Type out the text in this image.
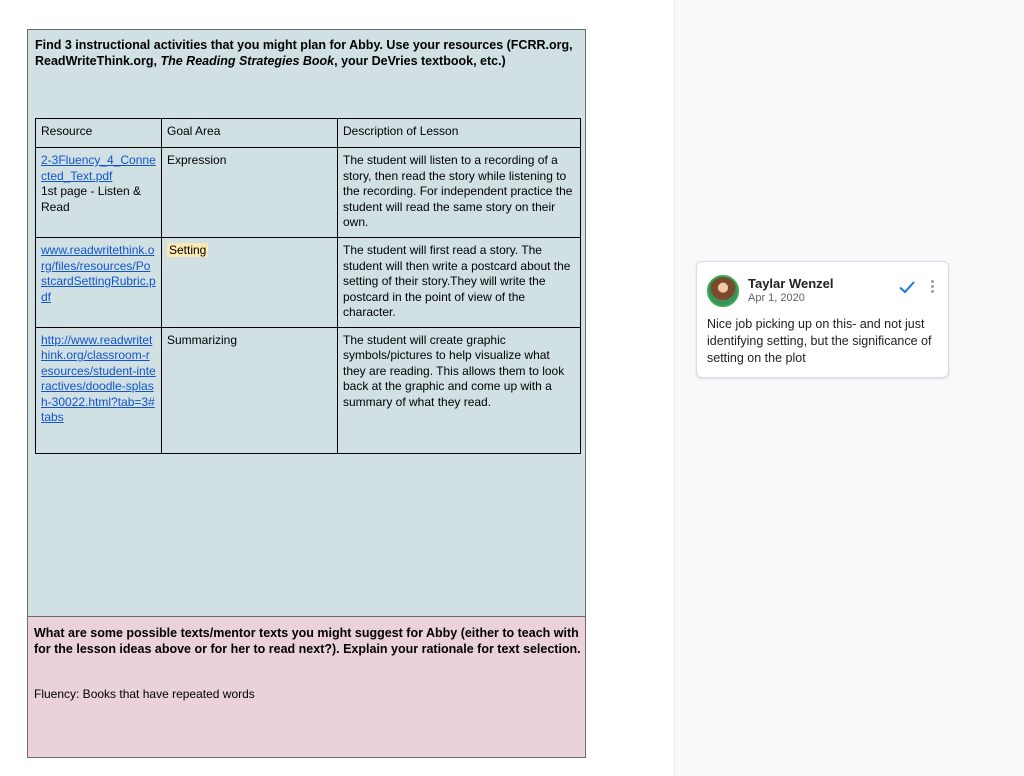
Find 3 instructional activities that you might plan for Abby. Use your resources (FCRR.org, ReadWriteThink.org, The Reading Strategies Book, your DeVries textbook, etc.)
Resource	Goal Area	Description of Lesson
2-3Fluency_4_Connected_Text.pdf
1st page - Listen & Read	Expression	The student will listen to a recording of a story, then read the story while listening to the recording. For independent practice the student will read the same story on their own.
www.readwritethink.org/files/resources/PostcardSettingRubric.pdf	Setting	The student will first read a story. The student will then write a postcard about the setting of their story.They will write the postcard in the point of view of the character.
http://www.readwritethink.org/classroom-resources/student-interactives/doodle-splash-30022.html?tab=3#tabs	Summarizing	The student will create graphic symbols/pictures to help visualize what they are reading. This allows them to look back at the graphic and come up with a summary of what they read.
What are some possible texts/mentor texts you might suggest for Abby (either to teach with for the lesson ideas above or for her to read next?). Explain your rationale for text selection.
Fluency: Books that have repeated words
Taylar Wenzel
Apr 1, 2020
Nice job picking up on this- and not just identifying setting, but the significance of setting on the plot
